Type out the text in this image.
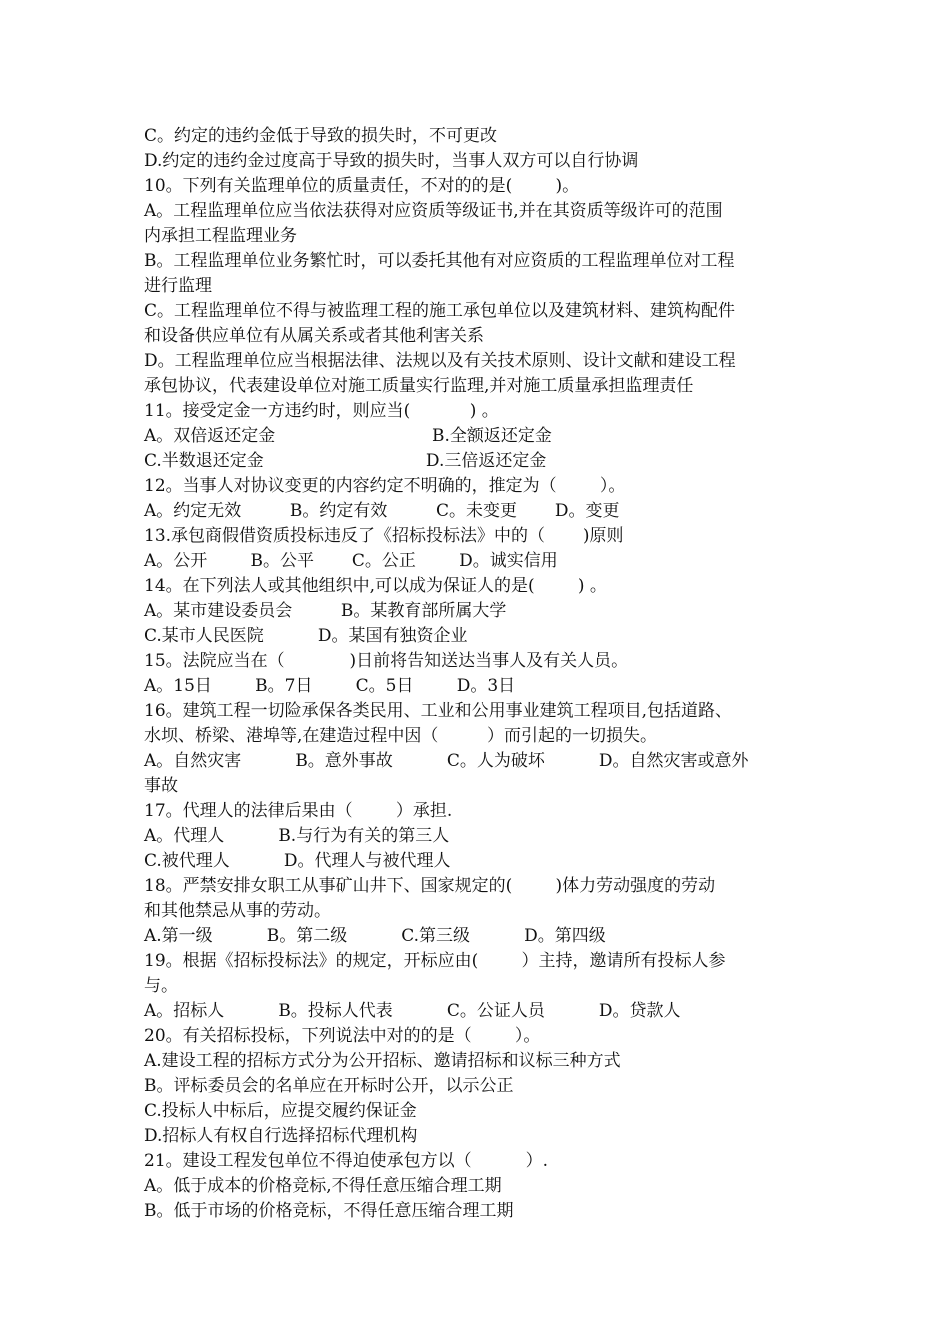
C。约定的违约金低于导致的损失时，不可更改
D.约定的违约金过度高于导致的损失时，当事人双方可以自行协调
10。下列有关监理单位的质量责任，不对的的是(        )。
A。工程监理单位应当依法获得对应资质等级证书,并在其资质等级许可的范围
内承担工程监理业务
B。工程监理单位业务繁忙时，可以委托其他有对应资质的工程监理单位对工程
进行监理
C。工程监理单位不得与被监理工程的施工承包单位以及建筑材料、建筑构配件
和设备供应单位有从属关系或者其他利害关系
D。工程监理单位应当根据法律、法规以及有关技术原则、设计文献和建设工程
承包协议，代表建设单位对施工质量实行监理,并对施工质量承担监理责任
11。接受定金一方违约时，则应当(           ) 。
A。双倍返还定金                             B.全额返还定金
C.半数退还定金                              D.三倍返还定金
12。当事人对协议变更的内容约定不明确的，推定为（        ）。
A。约定无效         B。约定有效         C。未变更       D。变更
13.承包商假借资质投标违反了《招标投标法》中的（       )原则
A。公开        B。公平       C。公正        D。诚实信用
14。在下列法人或其他组织中,可以成为保证人的是(        ) 。
A。某市建设委员会         B。某教育部所属大学
C.某市人民医院          D。某国有独资企业
15。法院应当在（            )日前将告知送达当事人及有关人员。
A。15日        B。7日        C。5日        D。3日
16。建筑工程一切险承保各类民用、工业和公用事业建筑工程项目,包括道路、
水坝、桥梁、港埠等,在建造过程中因（         ）而引起的一切损失。
A。自然灾害          B。意外事故          C。人为破坏          D。自然灾害或意外
事故
17。代理人的法律后果由（        ）承担.
A。代理人          B.与行为有关的第三人
C.被代理人          D。代理人与被代理人
18。严禁安排女职工从事矿山井下、国家规定的(        )体力劳动强度的劳动
和其他禁忌从事的劳动。
A.第一级          B。第二级          C.第三级          D。第四级
19。根据《招标投标法》的规定，开标应由(        ）主持，邀请所有投标人参
与。
A。招标人          B。投标人代表          C。公证人员          D。贷款人
20。有关招标投标，下列说法中对的的是（        ）。
A.建设工程的招标方式分为公开招标、邀请招标和议标三种方式
B。评标委员会的名单应在开标时公开，以示公正
C.投标人中标后，应提交履约保证金
D.招标人有权自行选择招标代理机构
21。建设工程发包单位不得迫使承包方以（          ）.
A。低于成本的价格竞标,不得任意压缩合理工期
B。低于市场的价格竞标，不得任意压缩合理工期
